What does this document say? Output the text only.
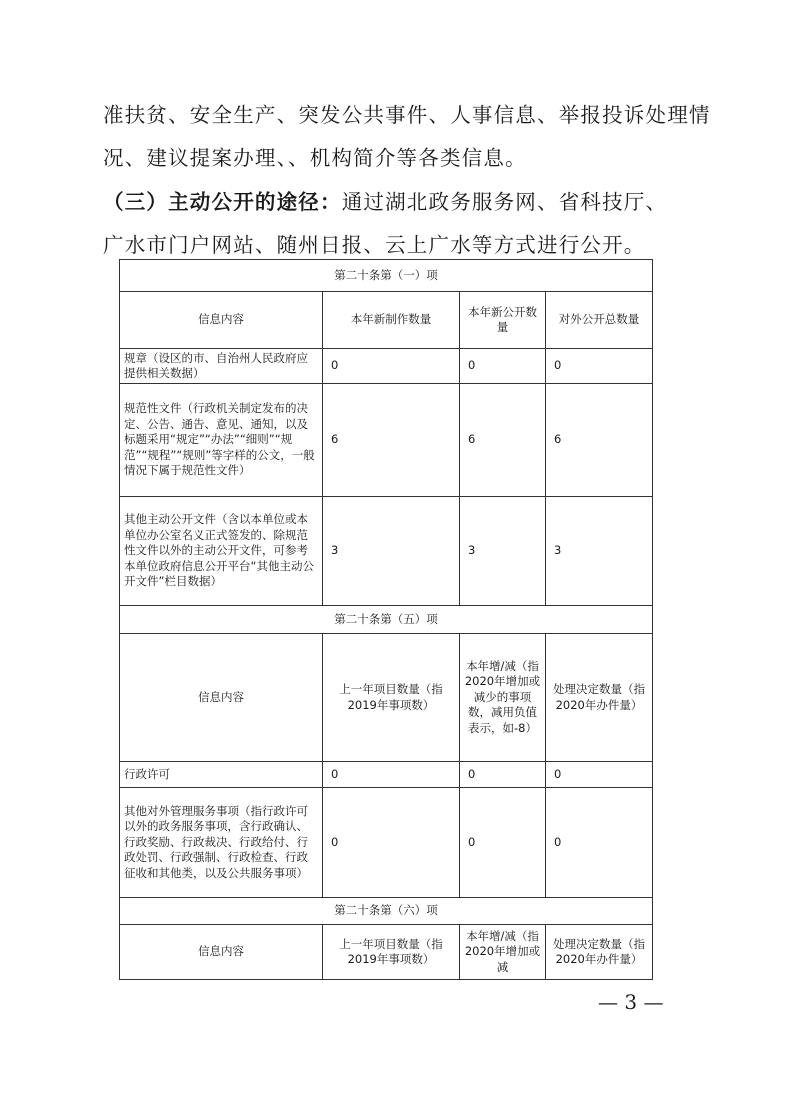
准扶贫、安全生产、突发公共事件、人事信息、举报投诉处理情

况、建议提案办理、、机构简介等各类信息。

（三）主动公开的途径：通过湖北政务服务网、省科技厅、

广水市门户网站、随州日报、云上广水等方式进行公开。

第二十条第（一）项			
信息内容	本年新制作数量	本年新公开数量	对外公开总数量
规章（设区的市、自治州人民政府应提供相关数据）	0	0	0
规范性文件（行政机关制定发布的决定、公告、通告、意见、通知，以及标题采用“规定”“办法”“细则”“规范”“规程”“规则”等字样的公文，一般情况下属于规范性文件）	6	6	6
其他主动公开文件（含以本单位或本单位办公室名义正式签发的、除规范性文件以外的主动公开文件，可参考本单位政府信息公开平台“其他主动公开文件”栏目数据）	3	3	3
第二十条第（五）项			
信息内容	上一年项目数量（指2019年事项数）	本年增/减（指2020年增加或减少的事项数，减用负值表示，如-8）	处理决定数量（指2020年办件量）
行政许可	0	0	0
其他对外管理服务事项（指行政许可以外的政务服务事项，含行政确认、行政奖励、行政裁决、行政给付、行政处罚、行政强制、行政检查、行政征收和其他类，以及公共服务事项）	0	0	0
第二十条第（六）项			
信息内容	上一年项目数量（指2019年事项数）	本年增/减（指2020年增加或减	处理决定数量（指2020年办件量）
— 3 —
